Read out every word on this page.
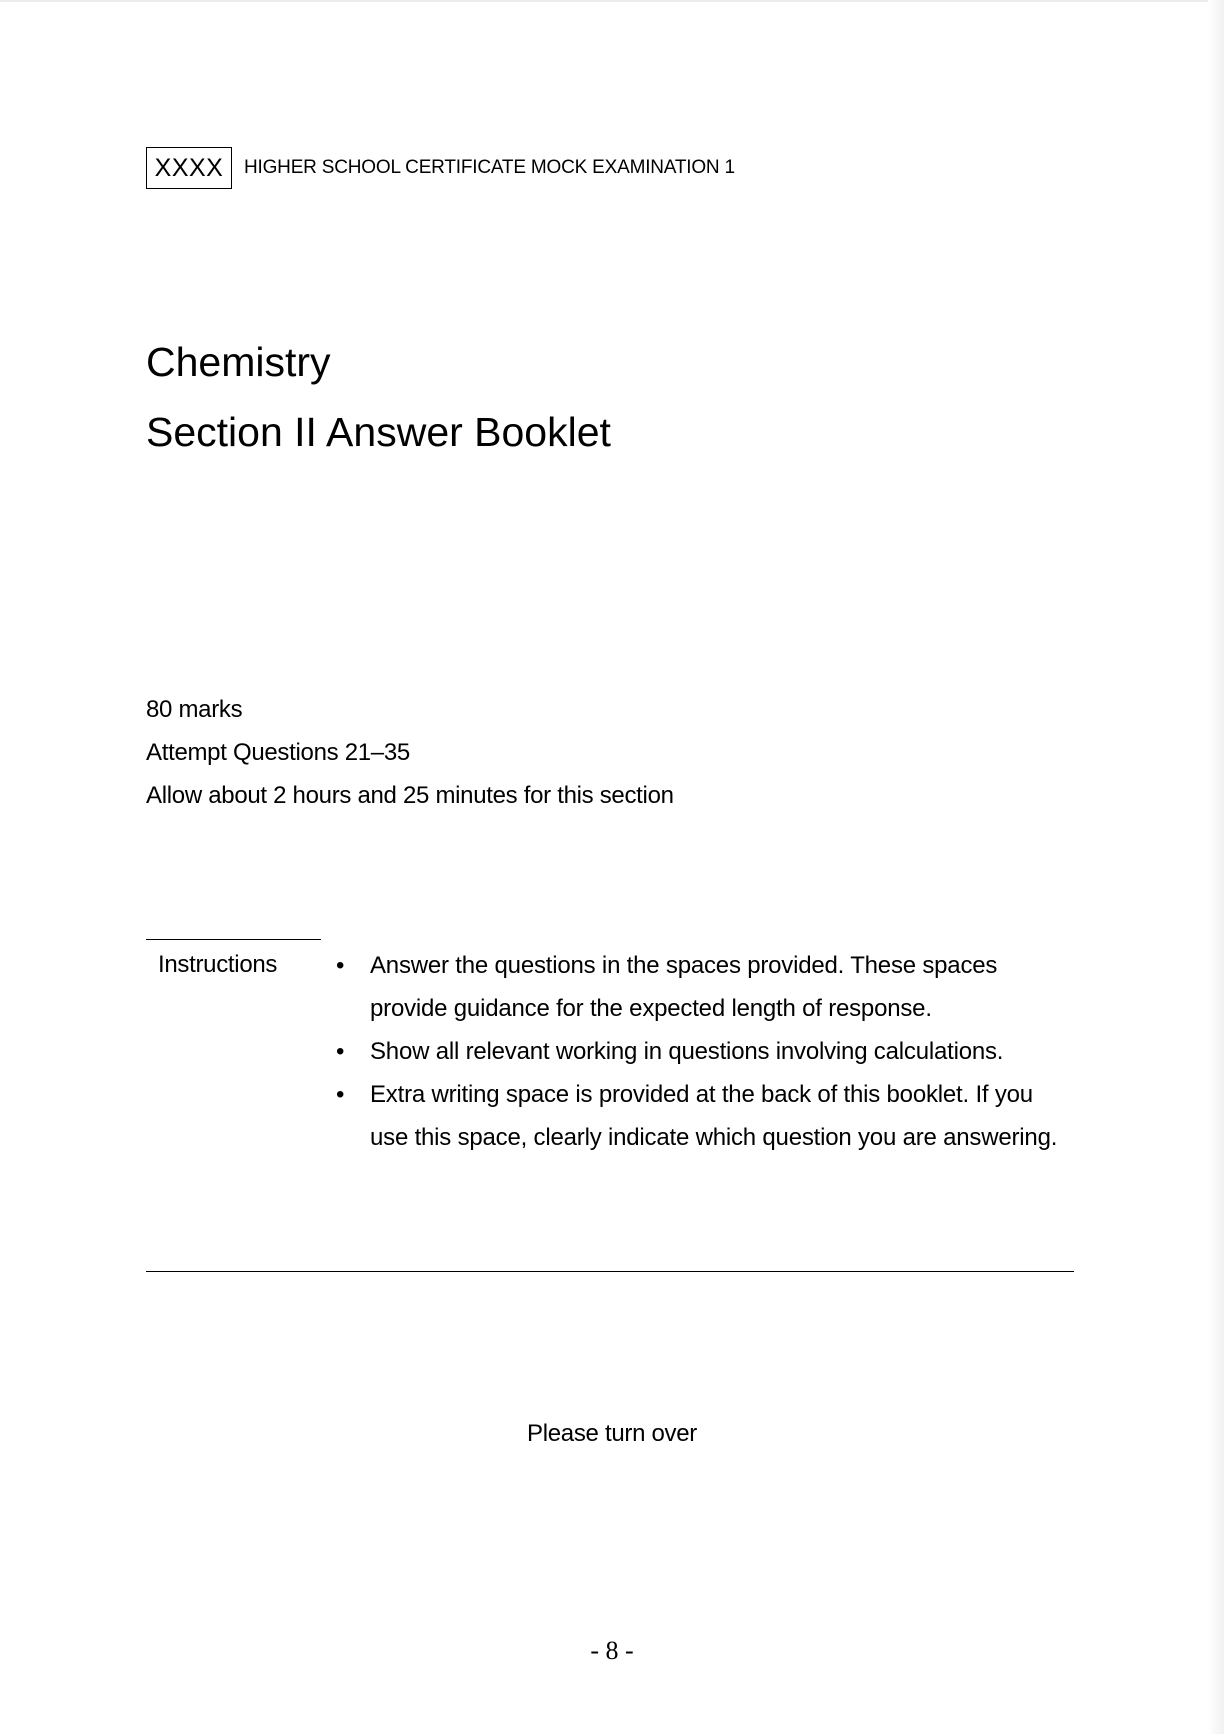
XXXX	HIGHER SCHOOL CERTIFICATE MOCK EXAMINATION 1
Chemistry
Section II Answer Booklet
80 marks
Attempt Questions 21–35
Allow about 2 hours and 25 minutes for this section
Instructions • Answer the questions in the spaces provided. These spaces provide guidance for the expected length of response.
• Show all relevant working in questions involving calculations.
• Extra writing space is provided at the back of this booklet. If you use this space, clearly indicate which question you are answering.
Please turn over
- 8 -
